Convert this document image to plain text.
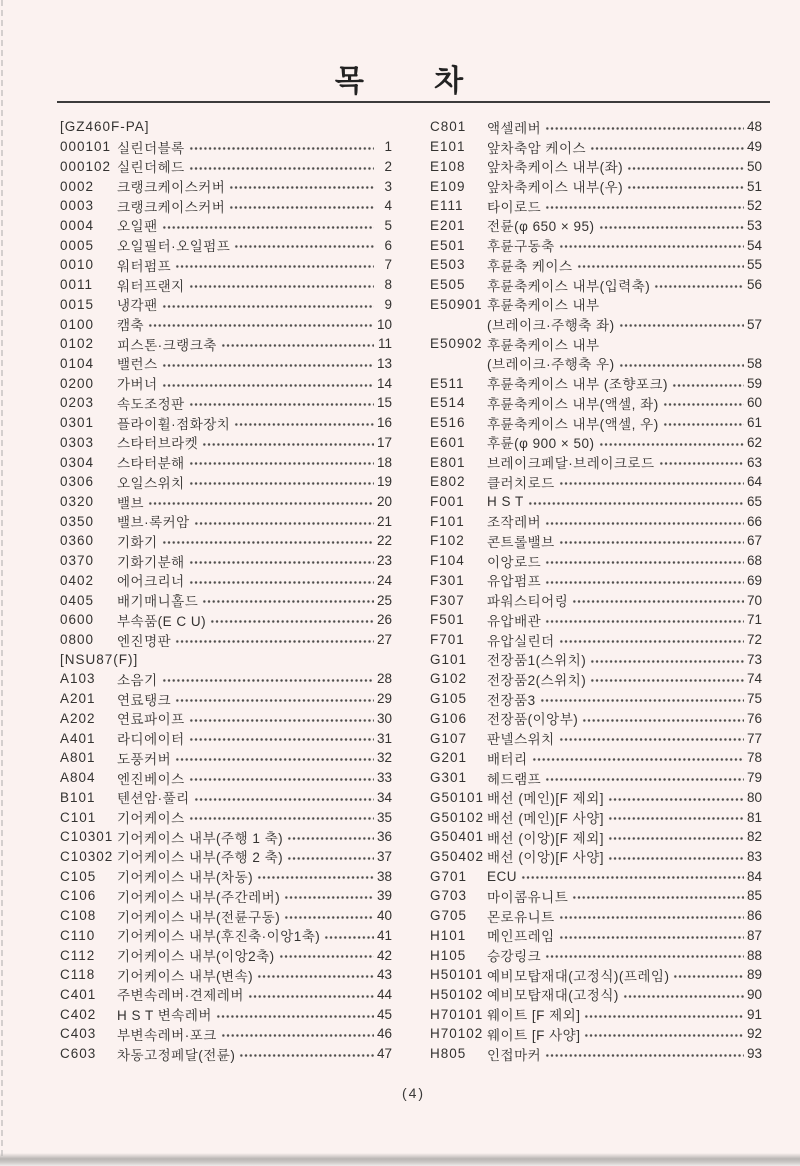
목 차
[GZ460F-PA]
000101 실린더블록	1
000102 실린더헤드	2
0002	크랭크케이스커버	3
0003	크랭크케이스커버	4
0004	오일팬	5
0005	오일필터·오일펌프	6
0010	워터펌프	7
0011	워터프랜지	8
0015	냉각팬	9
0100	캠축	10
0102	피스톤·크랭크축	11
0104	밸런스	13
0200	가버너	14
0203	속도조정판	15
0301	플라이휠·점화장치	16
0303	스타터브라켓	17
0304	스타터분해	18
0306	오일스위치	19
0320	밸브	20
0350	밸브·록커암	21
0360	기화기	22
0370	기화기분해	23
0402	에어크리너	24
0405	배기매니홀드	25
0600	부속품(E C U)	26
0800	엔진명판	27
[NSU87(F)]
A103	소음기	28
A201	연료탱크	29
A202	연료파이프	30
A401	라디에이터	31
A801	도풍커버	32
A804	엔진베이스	33
B101	텐션암·풀리	34
C101	기어케이스	35
C10301 기어케이스 내부(주행 1 축)	36
C10302 기어케이스 내부(주행 2 축)	37
C105	기어케이스 내부(차동)	38
C106	기어케이스 내부(주간레버)	39
C108	기어케이스 내부(전륜구동)	40
C110	기어케이스 내부(후진축·이앙1축)	41
C112	기어케이스 내부(이앙2축)	42
C118	기어케이스 내부(변속)	43
C401	주변속레버·견제레버	44
C402	H S T 변속레버	45
C403	부변속레버·포크	46
C603	차동고정페달(전륜)	47
C801	액셀레버	48
E101	앞차축암 케이스	49
E108	앞차축케이스 내부(좌)	50
E109	앞차축케이스 내부(우)	51
E111	타이로드	52
E201	전륜(φ 650 × 95)	53
E501	후륜구동축	54
E503	후륜축 케이스	55
E505	후륜축케이스 내부(입력축)	56
E50901 후륜축케이스 내부
(브레이크·주행축 좌)	57
E50902 후륜축케이스 내부
(브레이크·주행축 우)	58
E511	후륜축케이스 내부 (조향포크)	59
E514	후륜축케이스 내부(액셀, 좌)	60
E516	후륜축케이스 내부(액셀, 우)	61
E601	후륜(φ 900 × 50)	62
E801	브레이크페달·브레이크로드	63
E802	클러치로드	64
F001	H S T	65
F101	조작레버	66
F102	콘트롤밸브	67
F104	이앙로드	68
F301	유압펌프	69
F307	파워스티어링	70
F501	유압배관	71
F701	유압실린더	72
G101	전장품1(스위치)	73
G102	전장품2(스위치)	74
G105	전장품3	75
G106	전장품(이앙부)	76
G107	판넬스위치	77
G201	배터리	78
G301	헤드램프	79
G50101 배선 (메인)[F 제외]	80
G50102 배선 (메인)[F 사양]	81
G50401 배선 (이앙)[F 제외]	82
G50402 배선 (이앙)[F 사양]	83
G701	ECU	84
G703	마이콤유니트	85
G705	몬로유니트	86
H101	메인프레임	87
H105	승강링크	88
H50101 예비모탑재대(고정식)(프레임)	89
H50102 예비모탑재대(고정식)	90
H70101 웨이트 [F 제외]	91
H70102 웨이트 [F 사양]	92
H805	인접마커	93
(4)
